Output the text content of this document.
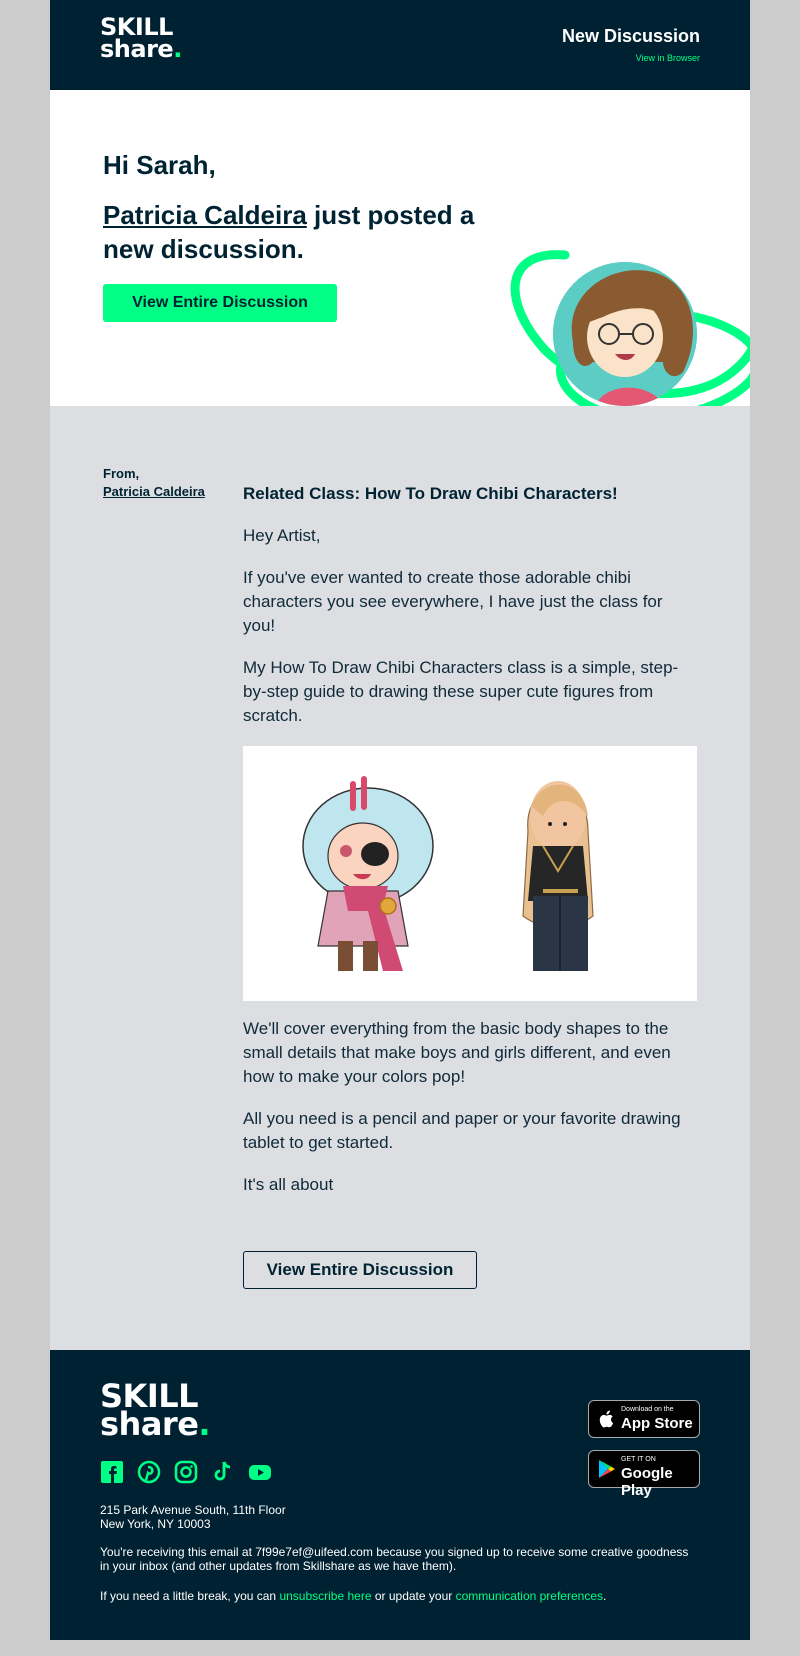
SKILL
share.	New Discussion
View in Browser
Hi Sarah,
Patricia Caldeira just posted a new discussion.
View Entire Discussion
From,
Patricia Caldeira Related Class: How To Draw Chibi Characters!

Hey Artist,

If you've ever wanted to create those adorable chibi characters you see everywhere, I have just the class for you!

My How To Draw Chibi Characters class is a simple, step-by-step guide to drawing these super cute figures from scratch.

We'll cover everything from the basic body shapes to the small details that make boys and girls different, and even how to make your colors pop!

All you need is a pencil and paper or your favorite drawing tablet to get started.

It's all about

View Entire Discussion
SKILL
share.	Download on the
App Store
GET IT ON
Google Play
215 Park Avenue South, 11th Floor
New York, NY 10003
You're receiving this email at 7f99e7ef@uifeed.com because you signed up to receive some creative goodness in your inbox (and other updates from Skillshare as we have them).
If you need a little break, you can unsubscribe here or update your communication preferences.
